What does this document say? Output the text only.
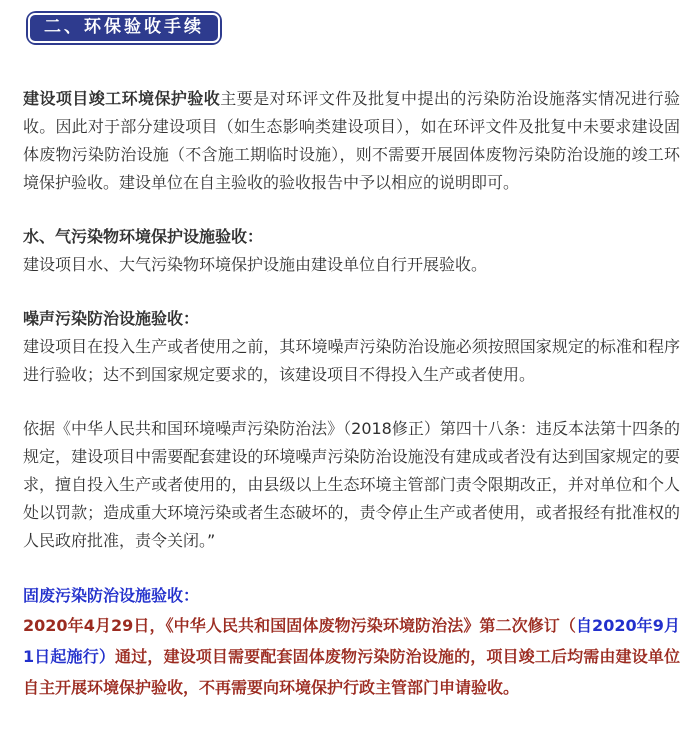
二、环保验收手续

建设项目竣工环境保护验收主要是对环评文件及批复中提出的污染防治设施落实情况进行验收。因此对于部分建设项目（如生态影响类建设项目），如在环评文件及批复中未要求建设固体废物污染防治设施（不含施工期临时设施），则不需要开展固体废物污染防治设施的竣工环境保护验收。建设单位在自主验收的验收报告中予以相应的说明即可。

水、气污染物环境保护设施验收：
建设项目水、大气污染物环境保护设施由建设单位自行开展验收。
噪声污染防治设施验收：
建设项目在投入生产或者使用之前，其环境噪声污染防治设施必须按照国家规定的标准和程序进行验收；达不到国家规定要求的，该建设项目不得投入生产或者使用。

依据《中华人民共和国环境噪声污染防治法》（2018修正）第四十八条：违反本法第十四条的规定，建设项目中需要配套建设的环境噪声污染防治设施没有建成或者没有达到国家规定的要求，擅自投入生产或者使用的，由县级以上生态环境主管部门责令限期改正，并对单位和个人处以罚款；造成重大环境污染或者生态破坏的，责令停止生产或者使用，或者报经有批准权的人民政府批准，责令关闭。”

固废污染防治设施验收：
2020年4月29日，《中华人民共和国固体废物污染环境防治法》第二次修订（自2020年9月1日起施行）通过，建设项目需要配套固体废物污染防治设施的，项目竣工后均需由建设单位自主开展环境保护验收，不再需要向环境保护行政主管部门申请验收。
